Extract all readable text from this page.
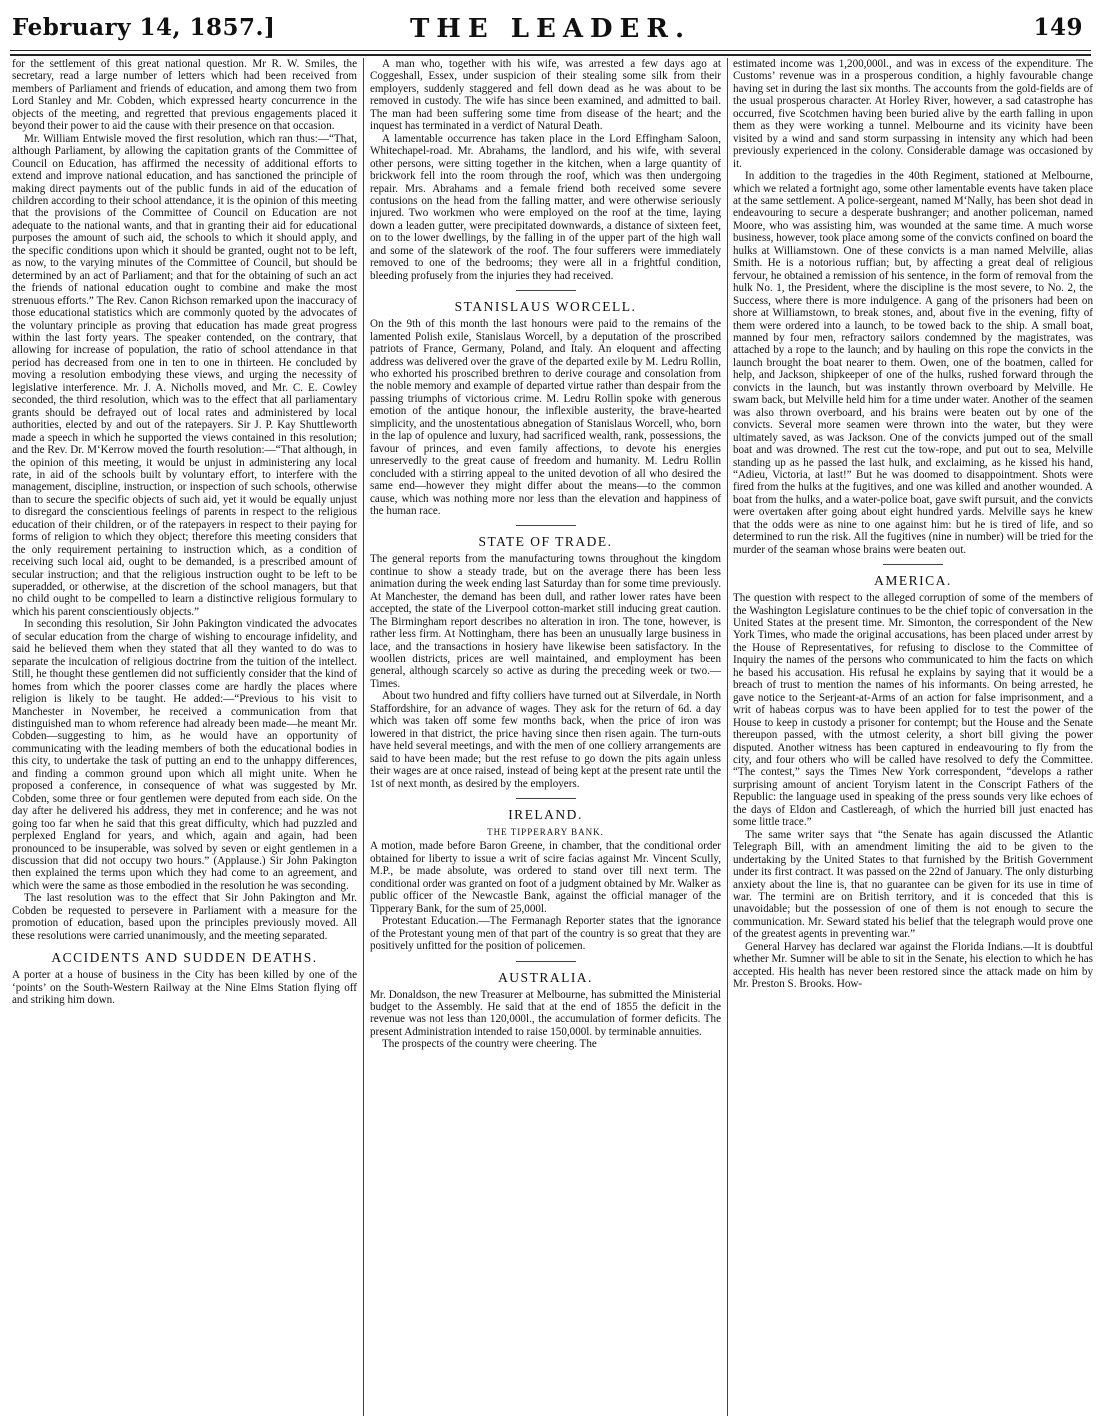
February 14, 1857.]	THE LEADER.	149

for the settlement of this great national question. Mr R. W. Smiles, the secretary, read a large number of letters which had been received from members of Parliament and friends of education, and among them two from Lord Stanley and Mr. Cobden, which expressed hearty concurrence in the objects of the meeting, and regretted that previous engagements placed it beyond their power to aid the cause with their presence on that occasion.

Mr. William Entwisle moved the first resolution, which ran thus:—“That, although Parliament, by allowing the capitation grants of the Committee of Council on Education, has affirmed the necessity of additional efforts to extend and improve national education, and has sanctioned the principle of making direct payments out of the public funds in aid of the education of children according to their school attendance, it is the opinion of this meeting that the provisions of the Committee of Council on Education are not adequate to the national wants, and that in granting their aid for educational purposes the amount of such aid, the schools to which it should apply, and the specific conditions upon which it should be granted, ought not to be left, as now, to the varying minutes of the Committee of Council, but should be determined by an act of Parliament; and that for the obtaining of such an act the friends of national education ought to combine and make the most strenuous efforts.” The Rev. Canon Richson remarked upon the inaccuracy of those educational statistics which are commonly quoted by the advocates of the voluntary principle as proving that education has made great progress within the last forty years. The speaker contended, on the contrary, that allowing for increase of population, the ratio of school attendance in that period has decreased from one in ten to one in thirteen. He concluded by moving a resolution embodying these views, and urging the necessity of legislative interference. Mr. J. A. Nicholls moved, and Mr. C. E. Cowley seconded, the third resolution, which was to the effect that all parliamentary grants should be defrayed out of local rates and administered by local authorities, elected by and out of the ratepayers. Sir J. P. Kay Shuttleworth made a speech in which he supported the views contained in this resolution; and the Rev. Dr. M‘Kerrow moved the fourth resolution:—“That although, in the opinion of this meeting, it would be unjust in administering any local rate, in aid of the schools built by voluntary effort, to interfere with the management, discipline, instruction, or inspection of such schools, otherwise than to secure the specific objects of such aid, yet it would be equally unjust to disregard the conscientious feelings of parents in respect to the religious education of their children, or of the ratepayers in respect to their paying for forms of religion to which they object; therefore this meeting considers that the only requirement pertaining to instruction which, as a condition of receiving such local aid, ought to be demanded, is a prescribed amount of secular instruction; and that the religious instruction ought to be left to be superadded, or otherwise, at the discretion of the school managers, but that no child ought to be compelled to learn a distinctive religious formulary to which his parent conscientiously objects.”

In seconding this resolution, Sir John Pakington vindicated the advocates of secular education from the charge of wishing to encourage infidelity, and said he believed them when they stated that all they wanted to do was to separate the inculcation of religious doctrine from the tuition of the intellect. Still, he thought these gentlemen did not sufficiently consider that the kind of homes from which the poorer classes come are hardly the places where religion is likely to be taught. He added:—“Previous to his visit to Manchester in November, he received a communication from that distinguished man to whom reference had already been made—he meant Mr. Cobden—suggesting to him, as he would have an opportunity of communicating with the leading members of both the educational bodies in this city, to undertake the task of putting an end to the unhappy differences, and finding a common ground upon which all might unite. When he proposed a conference, in consequence of what was suggested by Mr. Cobden, some three or four gentlemen were deputed from each side. On the day after he delivered his address, they met in conference; and he was not going too far when he said that this great difficulty, which had puzzled and perplexed England for years, and which, again and again, had been pronounced to be insuperable, was solved by seven or eight gentlemen in a discussion that did not occupy two hours.” (Applause.) Sir John Pakington then explained the terms upon which they had come to an agreement, and which were the same as those embodied in the resolution he was seconding.

The last resolution was to the effect that Sir John Pakington and Mr. Cobden be requested to persevere in Parliament with a measure for the promotion of education, based upon the principles previously moved. All these resolutions were carried unanimously, and the meeting separated.

ACCIDENTS AND SUDDEN DEATHS.

A porter at a house of business in the City has been killed by one of the ‘points’ on the South-Western Railway at the Nine Elms Station flying off and striking him down.

A man who, together with his wife, was arrested a few days ago at Coggeshall, Essex, under suspicion of their stealing some silk from their employers, suddenly staggered and fell down dead as he was about to be removed in custody. The wife has since been examined, and admitted to bail. The man had been suffering some time from disease of the heart; and the inquest has terminated in a verdict of Natural Death.

A lamentable occurrence has taken place in the Lord Effingham Saloon, Whitechapel-road. Mr. Abrahams, the landlord, and his wife, with several other persons, were sitting together in the kitchen, when a large quantity of brickwork fell into the room through the roof, which was then undergoing repair. Mrs. Abrahams and a female friend both received some severe contusions on the head from the falling matter, and were otherwise seriously injured. Two workmen who were employed on the roof at the time, laying down a leaden gutter, were precipitated downwards, a distance of sixteen feet, on to the lower dwellings, by the falling in of the upper part of the high wall and some of the slatework of the roof. The four sufferers were immediately removed to one of the bedrooms; they were all in a frightful condition, bleeding profusely from the injuries they had received.

STANISLAUS WORCELL.

On the 9th of this month the last honours were paid to the remains of the lamented Polish exile, Stanislaus Worcell, by a deputation of the proscribed patriots of France, Germany, Poland, and Italy. An eloquent and affecting address was delivered over the grave of the departed exile by M. Ledru Rollin, who exhorted his proscribed brethren to derive courage and consolation from the noble memory and example of departed virtue rather than despair from the passing triumphs of victorious crime. M. Ledru Rollin spoke with generous emotion of the antique honour, the inflexible austerity, the brave-hearted simplicity, and the unostentatious abnegation of Stanislaus Worcell, who, born in the lap of opulence and luxury, had sacrificed wealth, rank, possessions, the favour of princes, and even family affections, to devote his energies unreservedly to the great cause of freedom and humanity. M. Ledru Rollin concluded with a stirring appeal to the united devotion of all who desired the same end—however they might differ about the means—to the common cause, which was nothing more nor less than the elevation and happiness of the human race.

STATE OF TRADE.

The general reports from the manufacturing towns throughout the kingdom continue to show a steady trade, but on the average there has been less animation during the week ending last Saturday than for some time previously. At Manchester, the demand has been dull, and rather lower rates have been accepted, the state of the Liverpool cotton-market still inducing great caution. The Birmingham report describes no alteration in iron. The tone, however, is rather less firm. At Nottingham, there has been an unusually large business in lace, and the transactions in hosiery have likewise been satisfactory. In the woollen districts, prices are well maintained, and employment has been general, although scarcely so active as during the preceding week or two.—Times.

About two hundred and fifty colliers have turned out at Silverdale, in North Staffordshire, for an advance of wages. They ask for the return of 6d. a day which was taken off some few months back, when the price of iron was lowered in that district, the price having since then risen again. The turn-outs have held several meetings, and with the men of one colliery arrangements are said to have been made; but the rest refuse to go down the pits again unless their wages are at once raised, instead of being kept at the present rate until the 1st of next month, as desired by the employers.

IRELAND.
THE TIPPERARY BANK.

A motion, made before Baron Greene, in chamber, that the conditional order obtained for liberty to issue a writ of scire facias against Mr. Vincent Scully, M.P., be made absolute, was ordered to stand over till next term. The conditional order was granted on foot of a judgment obtained by Mr. Walker as public officer of the Newcastle Bank, against the official manager of the Tipperary Bank, for the sum of 25,000l.

Protestant Education.—The Fermanagh Reporter states that the ignorance of the Protestant young men of that part of the country is so great that they are positively unfitted for the position of policemen.

AUSTRALIA.

Mr. Donaldson, the new Treasurer at Melbourne, has submitted the Ministerial budget to the Assembly. He said that at the end of 1855 the deficit in the revenue was not less than 120,000l., the accumulation of former deficits. The present Administration intended to raise 150,000l. by terminable annuities.

The prospects of the country were cheering. The

estimated income was 1,200,000l., and was in excess of the expenditure. The Customs’ revenue was in a prosperous condition, a highly favourable change having set in during the last six months. The accounts from the gold-fields are of the usual prosperous character. At Horley River, however, a sad catastrophe has occurred, five Scotchmen having been buried alive by the earth falling in upon them as they were working a tunnel. Melbourne and its vicinity have been visited by a wind and sand storm surpassing in intensity any which had been previously experienced in the colony. Considerable damage was occasioned by it.

In addition to the tragedies in the 40th Regiment, stationed at Melbourne, which we related a fortnight ago, some other lamentable events have taken place at the same settlement. A police-sergeant, named M‘Nally, has been shot dead in endeavouring to secure a desperate bushranger; and another policeman, named Moore, who was assisting him, was wounded at the same time. A much worse business, however, took place among some of the convicts confined on board the hulks at Williamstown. One of these convicts is a man named Melville, alias Smith. He is a notorious ruffian; but, by affecting a great deal of religious fervour, he obtained a remission of his sentence, in the form of removal from the hulk No. 1, the President, where the discipline is the most severe, to No. 2, the Success, where there is more indulgence. A gang of the prisoners had been on shore at Williamstown, to break stones, and, about five in the evening, fifty of them were ordered into a launch, to be towed back to the ship. A small boat, manned by four men, refractory sailors condemned by the magistrates, was attached by a rope to the launch; and by hauling on this rope the convicts in the launch brought the boat nearer to them. Owen, one of the boatmen, called for help, and Jackson, shipkeeper of one of the hulks, rushed forward through the convicts in the launch, but was instantly thrown overboard by Melville. He swam back, but Melville held him for a time under water. Another of the seamen was also thrown overboard, and his brains were beaten out by one of the convicts. Several more seamen were thrown into the water, but they were ultimately saved, as was Jackson. One of the convicts jumped out of the small boat and was drowned. The rest cut the tow-rope, and put out to sea, Melville standing up as he passed the last hulk, and exclaiming, as he kissed his hand, “Adieu, Victoria, at last!” But he was doomed to disappointment. Shots were fired from the hulks at the fugitives, and one was killed and another wounded. A boat from the hulks, and a water-police boat, gave swift pursuit, and the convicts were overtaken after going about eight hundred yards. Melville says he knew that the odds were as nine to one against him: but he is tired of life, and so determined to run the risk. All the fugitives (nine in number) will be tried for the murder of the seaman whose brains were beaten out.

AMERICA.

The question with respect to the alleged corruption of some of the members of the Washington Legislature continues to be the chief topic of conversation in the United States at the present time. Mr. Simonton, the correspondent of the New York Times, who made the original accusations, has been placed under arrest by the House of Representatives, for refusing to disclose to the Committee of Inquiry the names of the persons who communicated to him the facts on which he based his accusation. His refusal he explains by saying that it would be a breach of trust to mention the names of his informants. On being arrested, he gave notice to the Serjeant-at-Arms of an action for false imprisonment, and a writ of habeas corpus was to have been applied for to test the power of the House to keep in custody a prisoner for contempt; but the House and the Senate thereupon passed, with the utmost celerity, a short bill giving the power disputed. Another witness has been captured in endeavouring to fly from the city, and four others who will be called have resolved to defy the Committee. “The contest,” says the Times New York correspondent, “develops a rather surprising amount of ancient Toryism latent in the Conscript Fathers of the Republic: the language used in speaking of the press sounds very like echoes of the days of Eldon and Castlereagh, of which the hurried bill just enacted has some little trace.”

The same writer says that “the Senate has again discussed the Atlantic Telegraph Bill, with an amendment limiting the aid to be given to the undertaking by the United States to that furnished by the British Government under its first contract. It was passed on the 22nd of January. The only disturbing anxiety about the line is, that no guarantee can be given for its use in time of war. The termini are on British territory, and it is conceded that this is unavoidable; but the possession of one of them is not enough to secure the communication. Mr. Seward stated his belief that the telegraph would prove one of the greatest agents in preventing war.”

General Harvey has declared war against the Florida Indians.—It is doubtful whether Mr. Sumner will be able to sit in the Senate, his election to which he has accepted. His health has never been restored since the attack made on him by Mr. Preston S. Brooks. How-
